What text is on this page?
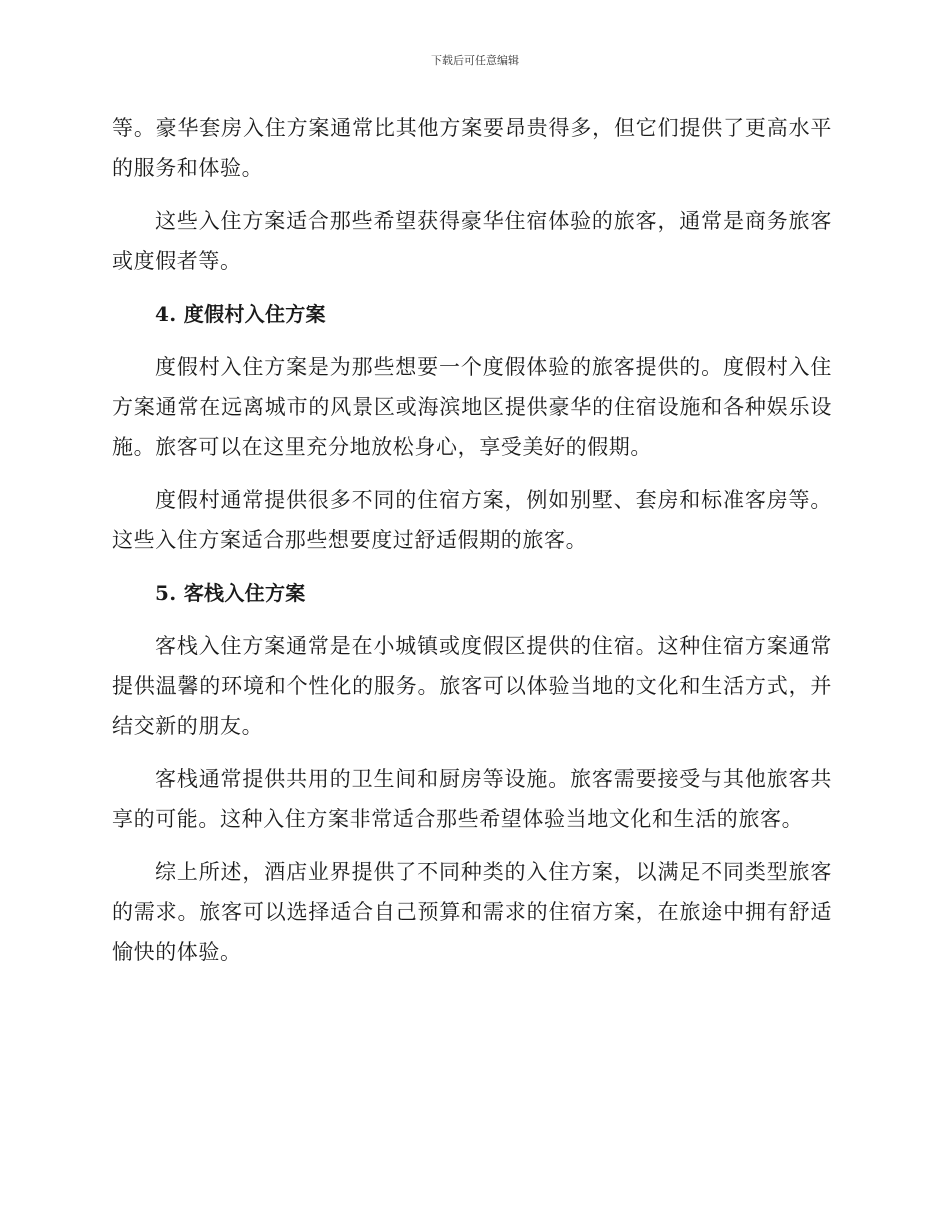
下载后可任意编辑

等。豪华套房入住方案通常比其他方案要昂贵得多，但它们提供了更高水平的服务和体验。

这些入住方案适合那些希望获得豪华住宿体验的旅客，通常是商务旅客或度假者等。

4. 度假村入住方案

度假村入住方案是为那些想要一个度假体验的旅客提供的。度假村入住方案通常在远离城市的风景区或海滨地区提供豪华的住宿设施和各种娱乐设施。旅客可以在这里充分地放松身心，享受美好的假期。

度假村通常提供很多不同的住宿方案，例如别墅、套房和标准客房等。这些入住方案适合那些想要度过舒适假期的旅客。

5. 客栈入住方案

客栈入住方案通常是在小城镇或度假区提供的住宿。这种住宿方案通常提供温馨的环境和个性化的服务。旅客可以体验当地的文化和生活方式，并结交新的朋友。

客栈通常提供共用的卫生间和厨房等设施。旅客需要接受与其他旅客共享的可能。这种入住方案非常适合那些希望体验当地文化和生活的旅客。

综上所述，酒店业界提供了不同种类的入住方案，以满足不同类型旅客的需求。旅客可以选择适合自己预算和需求的住宿方案，在旅途中拥有舒适愉快的体验。
